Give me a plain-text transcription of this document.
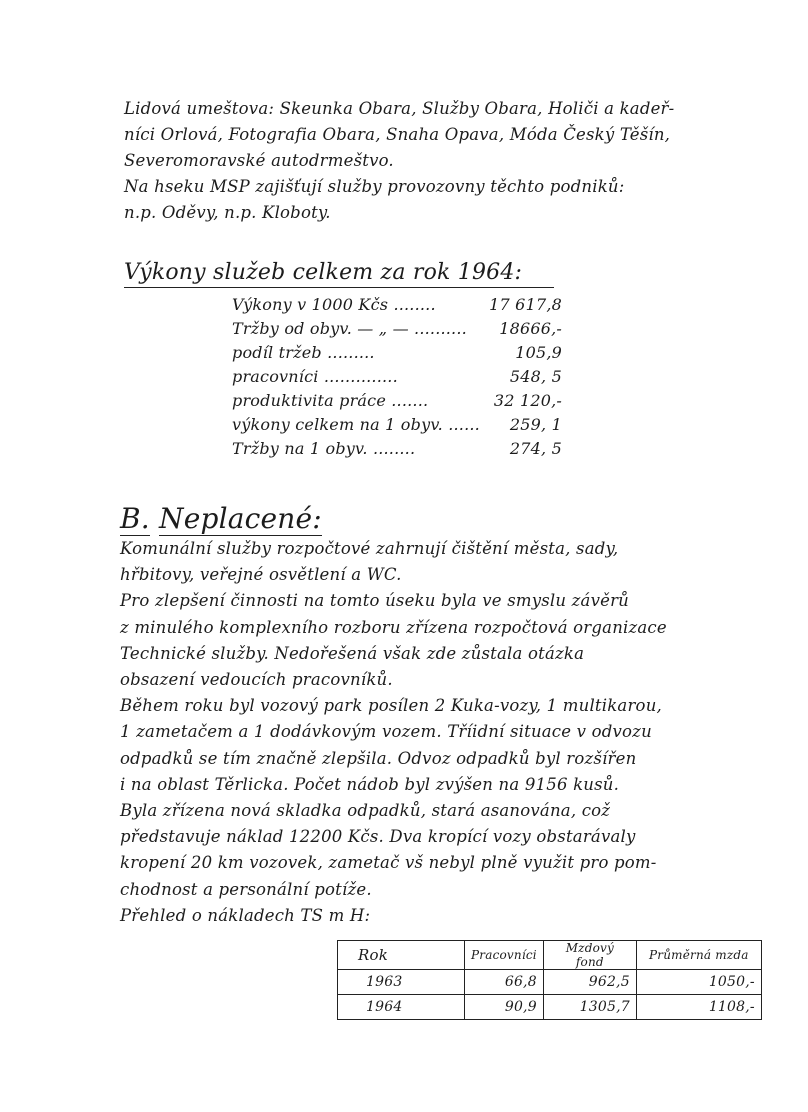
Lidová umeštova: Skeunka Obara, Služby Obara, Holiči a kadeř-
níci Orlová, Fotografia Obara, Snaha Opava, Móda Český Těšín,
Severomoravské autodrmeštvo.
Na hseku MSP zajišťují služby provozovny těchto podniků:
n.p. Oděvy, n.p. Kloboty.
Výkony služeb celkem za rok 1964:
Výkony v 1000 Kčs ........	17 617,8
Tržby od obyv. — „ — ..........	18666,-
podíl tržeb .........	105,9
pracovníci ..............	548, 5
produktivita práce .......	32 120,-
výkony celkem na 1 obyv. ......	259, 1
Tržby na 1 obyv. ........	274, 5
B. Neplacené:
Komunální služby rozpočtové zahrnují čištění města, sady,
hřbitovy, veřejné osvětlení a WC.
Pro zlepšení činnosti na tomto úseku byla ve smyslu závěrů
z minulého komplexního rozboru zřízena rozpočtová organizace
Technické služby. Nedořešená však zde zůstala otázka
obsazení vedoucích pracovníků.
Během roku byl vozový park posílen 2 Kuka-vozy, 1 multikarou,
1 zametačem a 1 dodávkovým vozem. Tříidní situace v odvozu
odpadků se tím značně zlepšila. Odvoz odpadků byl rozšířen
i na oblast Těrlicka. Počet nádob byl zvýšen na 9156 kusů.
Byla zřízena nová skladka odpadků, stará asanována, což
představuje náklad 12200 Kčs. Dva kropící vozy obstarávaly
kropení 20 km vozovek, zametač vš nebyl plně využit pro pom-
chodnost a personální potíže.
Přehled o nákladech TS m H:
Rok	Pracovníci	Mzdový fond	Průměrná mzda
1963	66,8	962,5	1050,-
1964	90,9	1305,7	1108,-
